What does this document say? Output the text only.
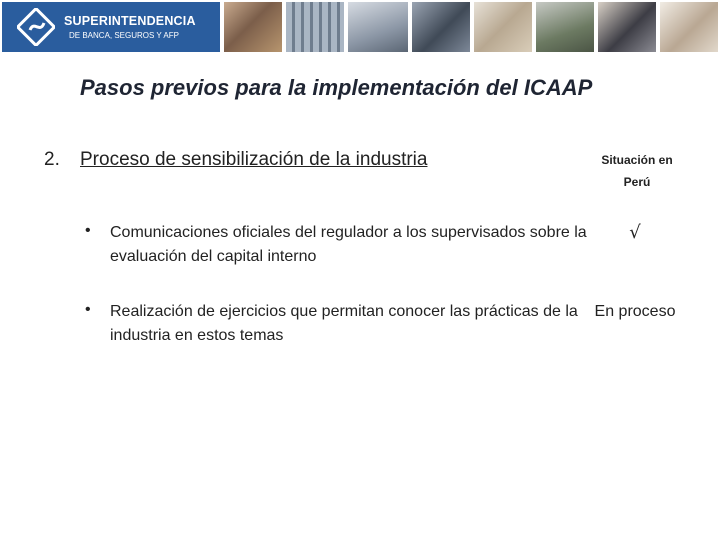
SUPERINTENDENCIA
DE BANCA, SEGUROS Y AFP
Pasos previos para la implementación del ICAAP
2. Proceso de sensibilización de la industria	Situación en Perú
• Comunicaciones oficiales del regulador a los supervisados sobre la evaluación del capital interno
√
• Realización de ejercicios que permitan conocer las prácticas de la industria en estos temas
En proceso
